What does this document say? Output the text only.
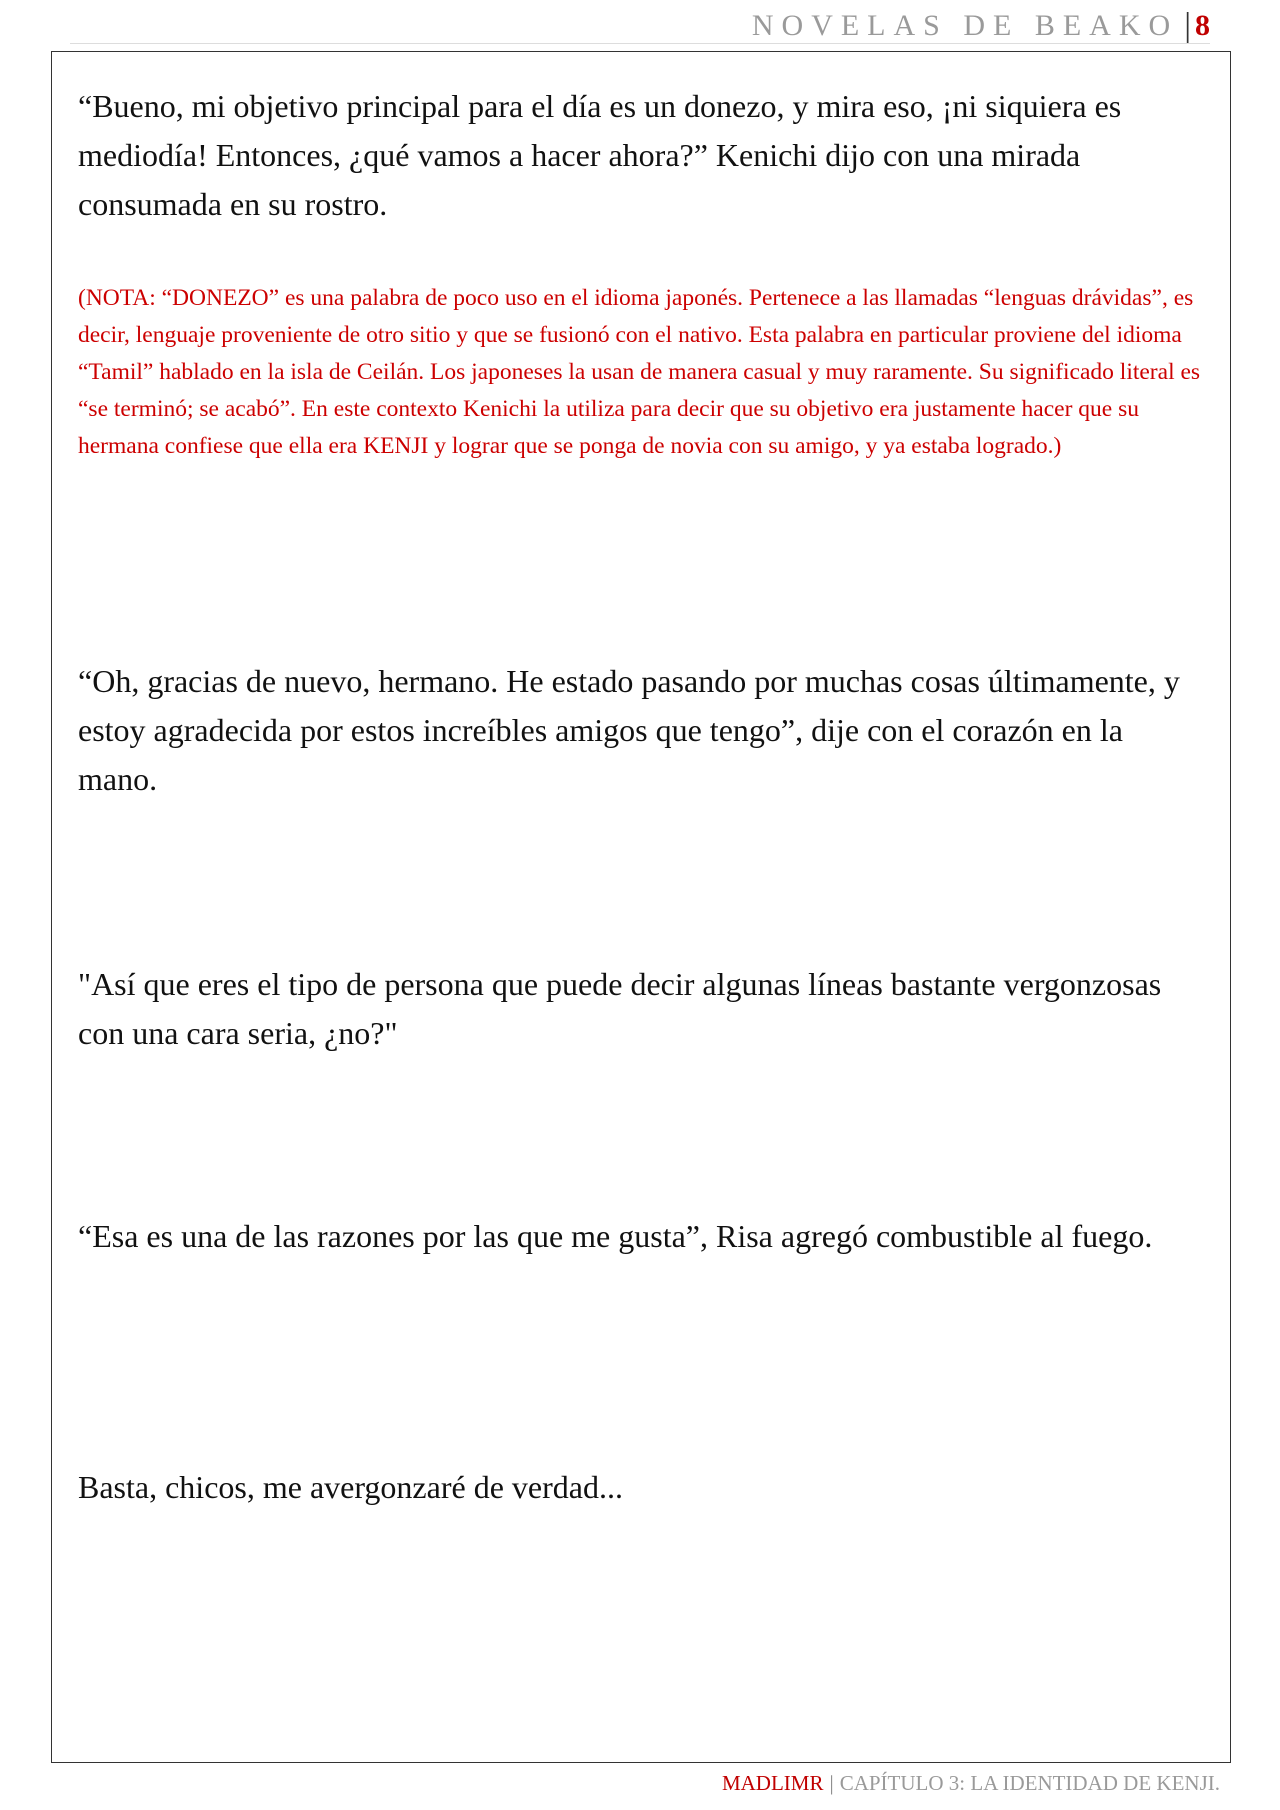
NOVELAS DE BEAKO | 8

“Bueno, mi objetivo principal para el día es un donezo, y mira eso, ¡ni siquiera es mediodía! Entonces, ¿qué vamos a hacer ahora?” Kenichi dijo con una mirada consumada en su rostro.

(NOTA: “DONEZO” es una palabra de poco uso en el idioma japonés. Pertenece a las llamadas “lenguas drávidas”, es decir, lenguaje proveniente de otro sitio y que se fusionó con el nativo. Esta palabra en particular proviene del idioma “Tamil” hablado en la isla de Ceilán. Los japoneses la usan de manera casual y muy raramente. Su significado literal es “se terminó; se acabó”. En este contexto Kenichi la utiliza para decir que su objetivo era justamente hacer que su hermana confiese que ella era KENJI y lograr que se ponga de novia con su amigo, y ya estaba logrado.)

“Oh, gracias de nuevo, hermano. He estado pasando por muchas cosas últimamente, y estoy agradecida por estos increíbles amigos que tengo”, dije con el corazón en la mano.

"Así que eres el tipo de persona que puede decir algunas líneas bastante vergonzosas con una cara seria, ¿no?"

“Esa es una de las razones por las que me gusta”, Risa agregó combustible al fuego.

Basta, chicos, me avergonzaré de verdad...

MADLIMR | CAPÍTULO 3: LA IDENTIDAD DE KENJI.
